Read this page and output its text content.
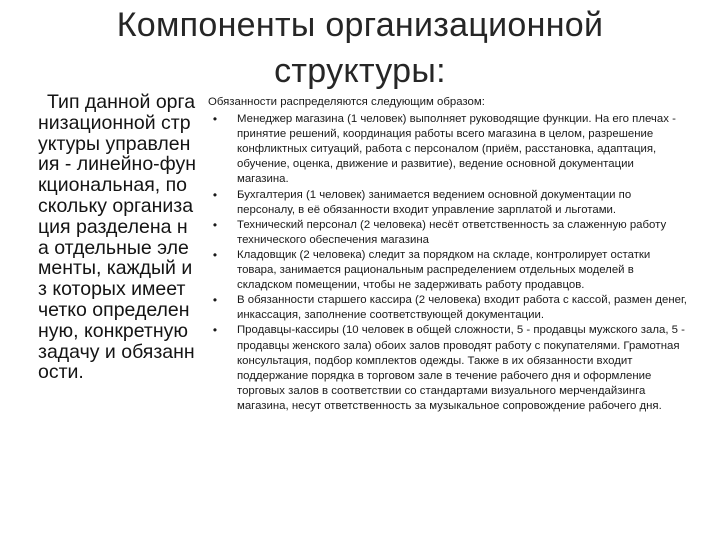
Компоненты организационной
структуры:

Тип данной организационной структуры управления - линейно-функциональная, поскольку организация разделена на отдельные элементы, каждый из которых имеет четко определенную, конкретную задачу и обязанности.

Обязанности распределяются следующим образом:

• Менеджер магазина (1 человек) выполняет руководящие функции. На его плечах - принятие решений, координация работы всего магазина в целом, разрешение конфликтных ситуаций, работа с персоналом (приём, расстановка, адаптация, обучение, оценка, движение и развитие), ведение основной документации магазина.
• Бухгалтерия (1 человек) занимается ведением основной документации по персоналу, в её обязанности входит управление зарплатой и льготами.
• Технический персонал (2 человека) несёт ответственность за слаженную работу технического обеспечения магазина
• Кладовщик (2 человека) следит за порядком на складе, контролирует остатки товара, занимается рациональным распределением отдельных моделей в складском помещении, чтобы не задерживать работу продавцов.
• В обязанности старшего кассира (2 человека) входит работа с кассой, размен денег, инкассация, заполнение соответствующей документации.
• Продавцы-кассиры (10 человек в общей сложности, 5 - продавцы мужского зала, 5 - продавцы женского зала) обоих залов проводят работу с покупателями. Грамотная консультация, подбор комплектов одежды. Также в их обязанности входит поддержание порядка в торговом зале в течение рабочего дня и оформление торговых залов в соответствии со стандартами визуального мерчендайзинга магазина, несут ответственность за музыкальное сопровождение рабочего дня.
